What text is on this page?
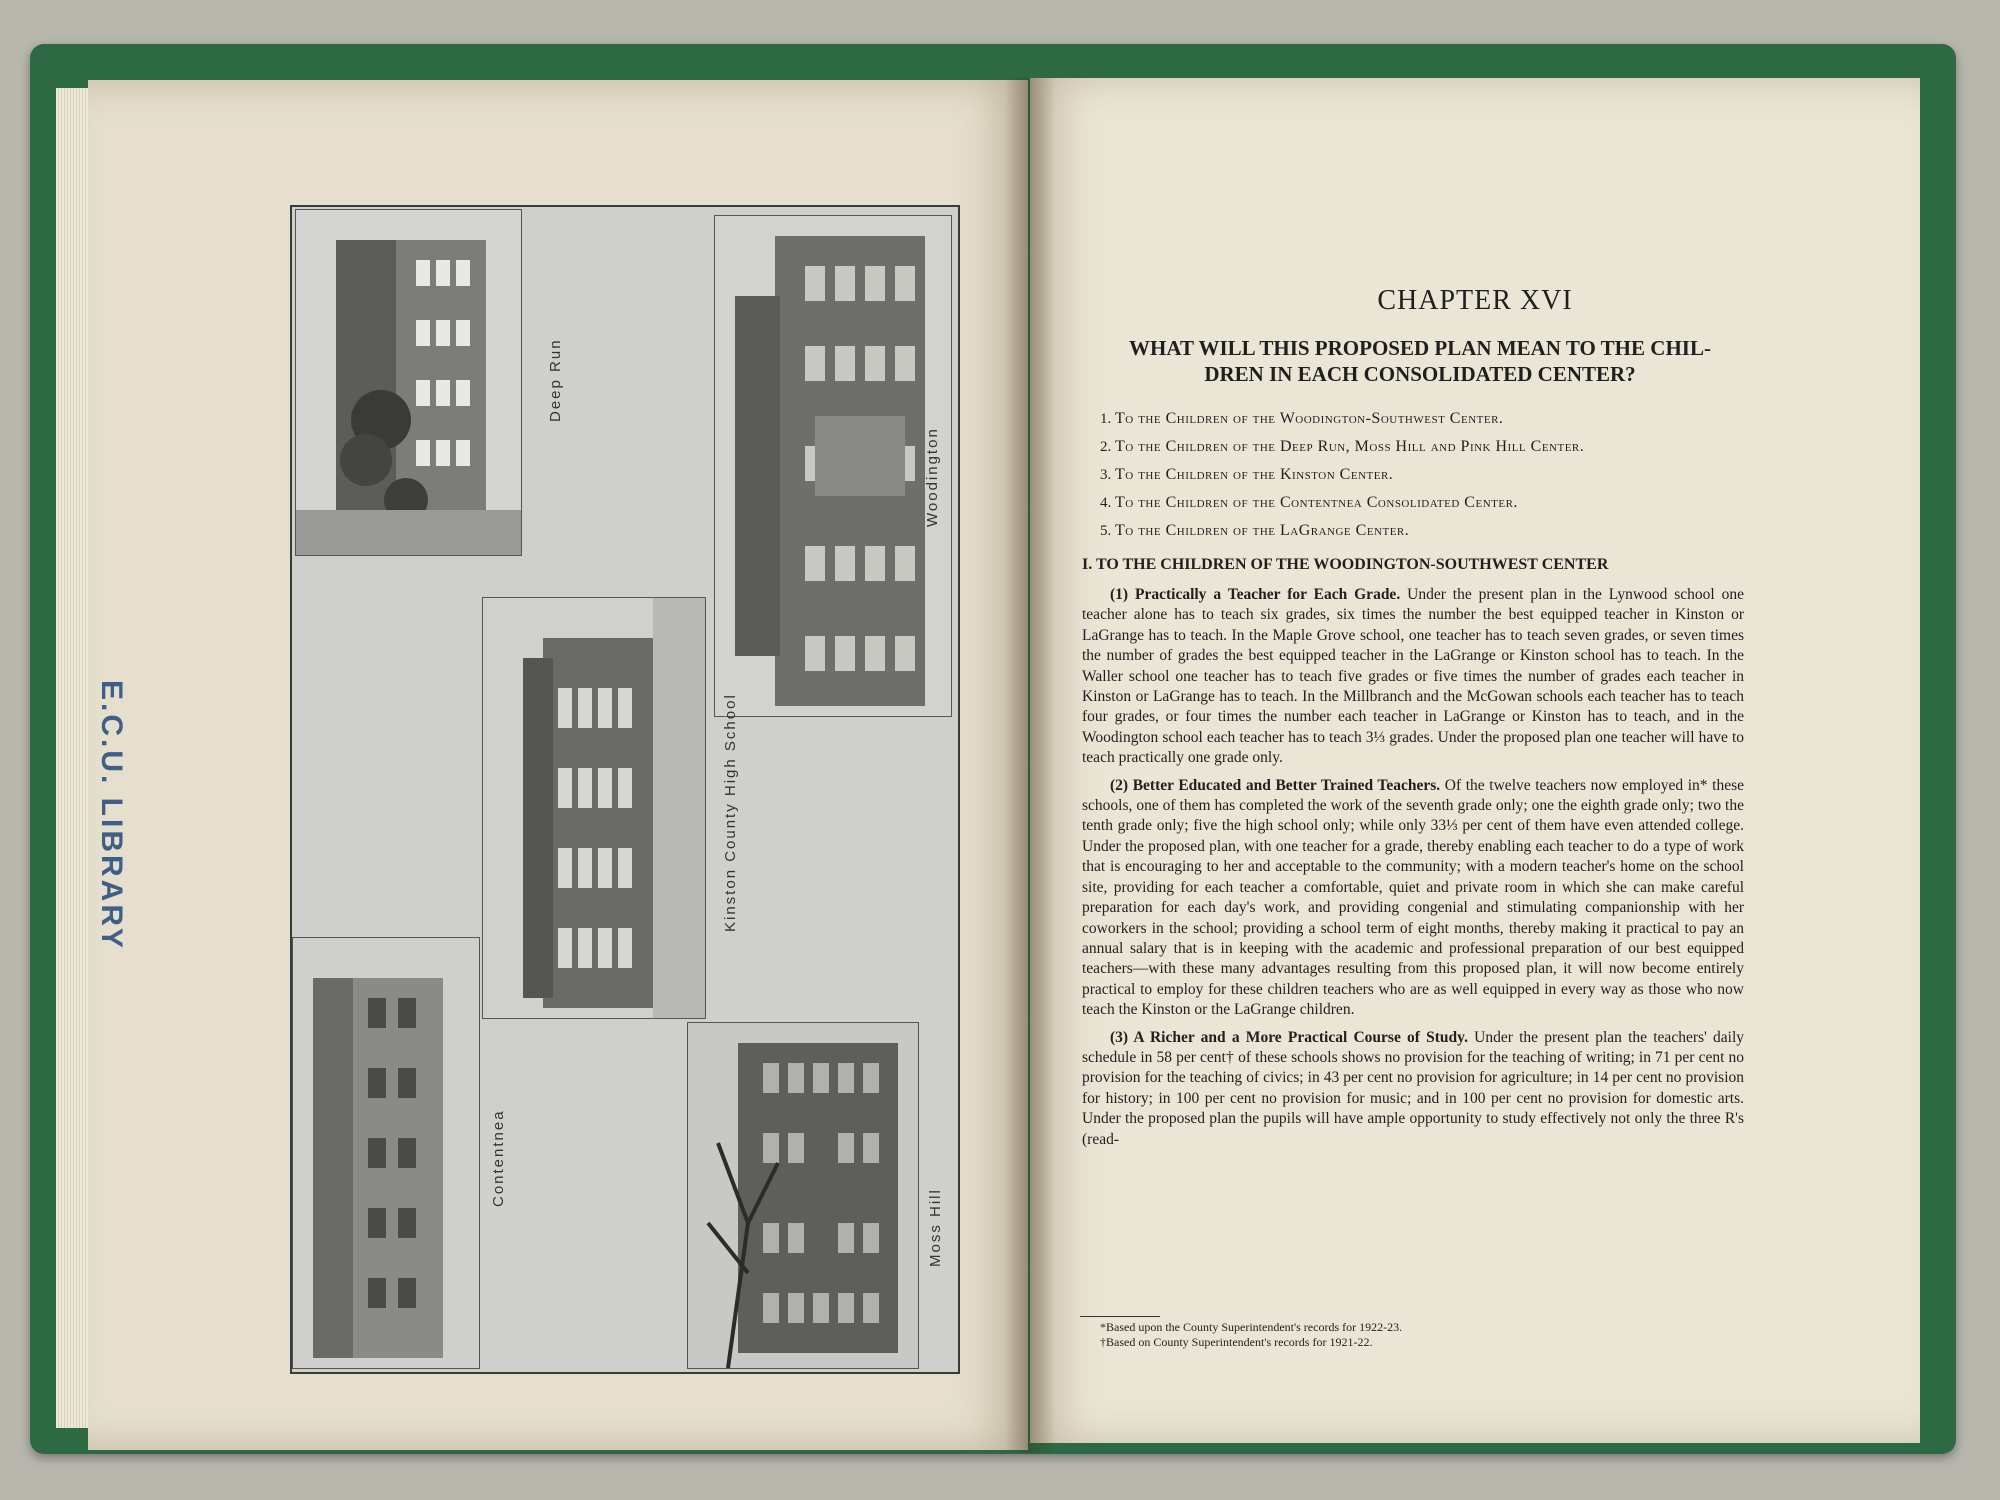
E.C.U. LIBRARY
Deep Run
Woodington
Kinston County High School
Contentnea
Moss Hill
CHAPTER XVI
WHAT WILL THIS PROPOSED PLAN MEAN TO THE CHIL-
DREN IN EACH CONSOLIDATED CENTER?
1. To the Children of the Woodington-Southwest Center.
2. To the Children of the Deep Run, Moss Hill and Pink Hill Center.
3. To the Children of the Kinston Center.
4. To the Children of the Contentnea Consolidated Center.
5. To the Children of the LaGrange Center.
I. TO THE CHILDREN OF THE WOODINGTON-SOUTHWEST CENTER

(1) Practically a Teacher for Each Grade. Under the present plan in the Lynwood school one teacher alone has to teach six grades, six times the number the best equipped teacher in Kinston or LaGrange has to teach. In the Maple Grove school, one teacher has to teach seven grades, or seven times the number of grades the best equipped teacher in the LaGrange or Kinston school has to teach. In the Waller school one teacher has to teach five grades or five times the number of grades each teacher in Kinston or LaGrange has to teach. In the Millbranch and the McGowan schools each teacher has to teach four grades, or four times the number each teacher in LaGrange or Kinston has to teach, and in the Woodington school each teacher has to teach 3⅓ grades. Under the proposed plan one teacher will have to teach practically one grade only.

(2) Better Educated and Better Trained Teachers. Of the twelve teachers now employed in* these schools, one of them has completed the work of the seventh grade only; one the eighth grade only; two the tenth grade only; five the high school only; while only 33⅓ per cent of them have even attended college. Under the proposed plan, with one teacher for a grade, thereby enabling each teacher to do a type of work that is encouraging to her and acceptable to the community; with a modern teacher's home on the school site, providing for each teacher a comfortable, quiet and private room in which she can make careful preparation for each day's work, and providing congenial and stimulating companionship with her coworkers in the school; providing a school term of eight months, thereby making it practical to pay an annual salary that is in keeping with the academic and professional preparation of our best equipped teachers—with these many advantages resulting from this proposed plan, it will now become entirely practical to employ for these children teachers who are as well equipped in every way as those who now teach the Kinston or the LaGrange children.

(3) A Richer and a More Practical Course of Study. Under the present plan the teachers' daily schedule in 58 per cent† of these schools shows no provision for the teaching of writing; in 71 per cent no provision for the teaching of civics; in 43 per cent no provision for agriculture; in 14 per cent no provision for history; in 100 per cent no provision for music; and in 100 per cent no provision for domestic arts. Under the proposed plan the pupils will have ample opportunity to study effectively not only the three R's (read-

*Based upon the County Superintendent's records for 1922-23.
†Based on County Superintendent's records for 1921-22.
